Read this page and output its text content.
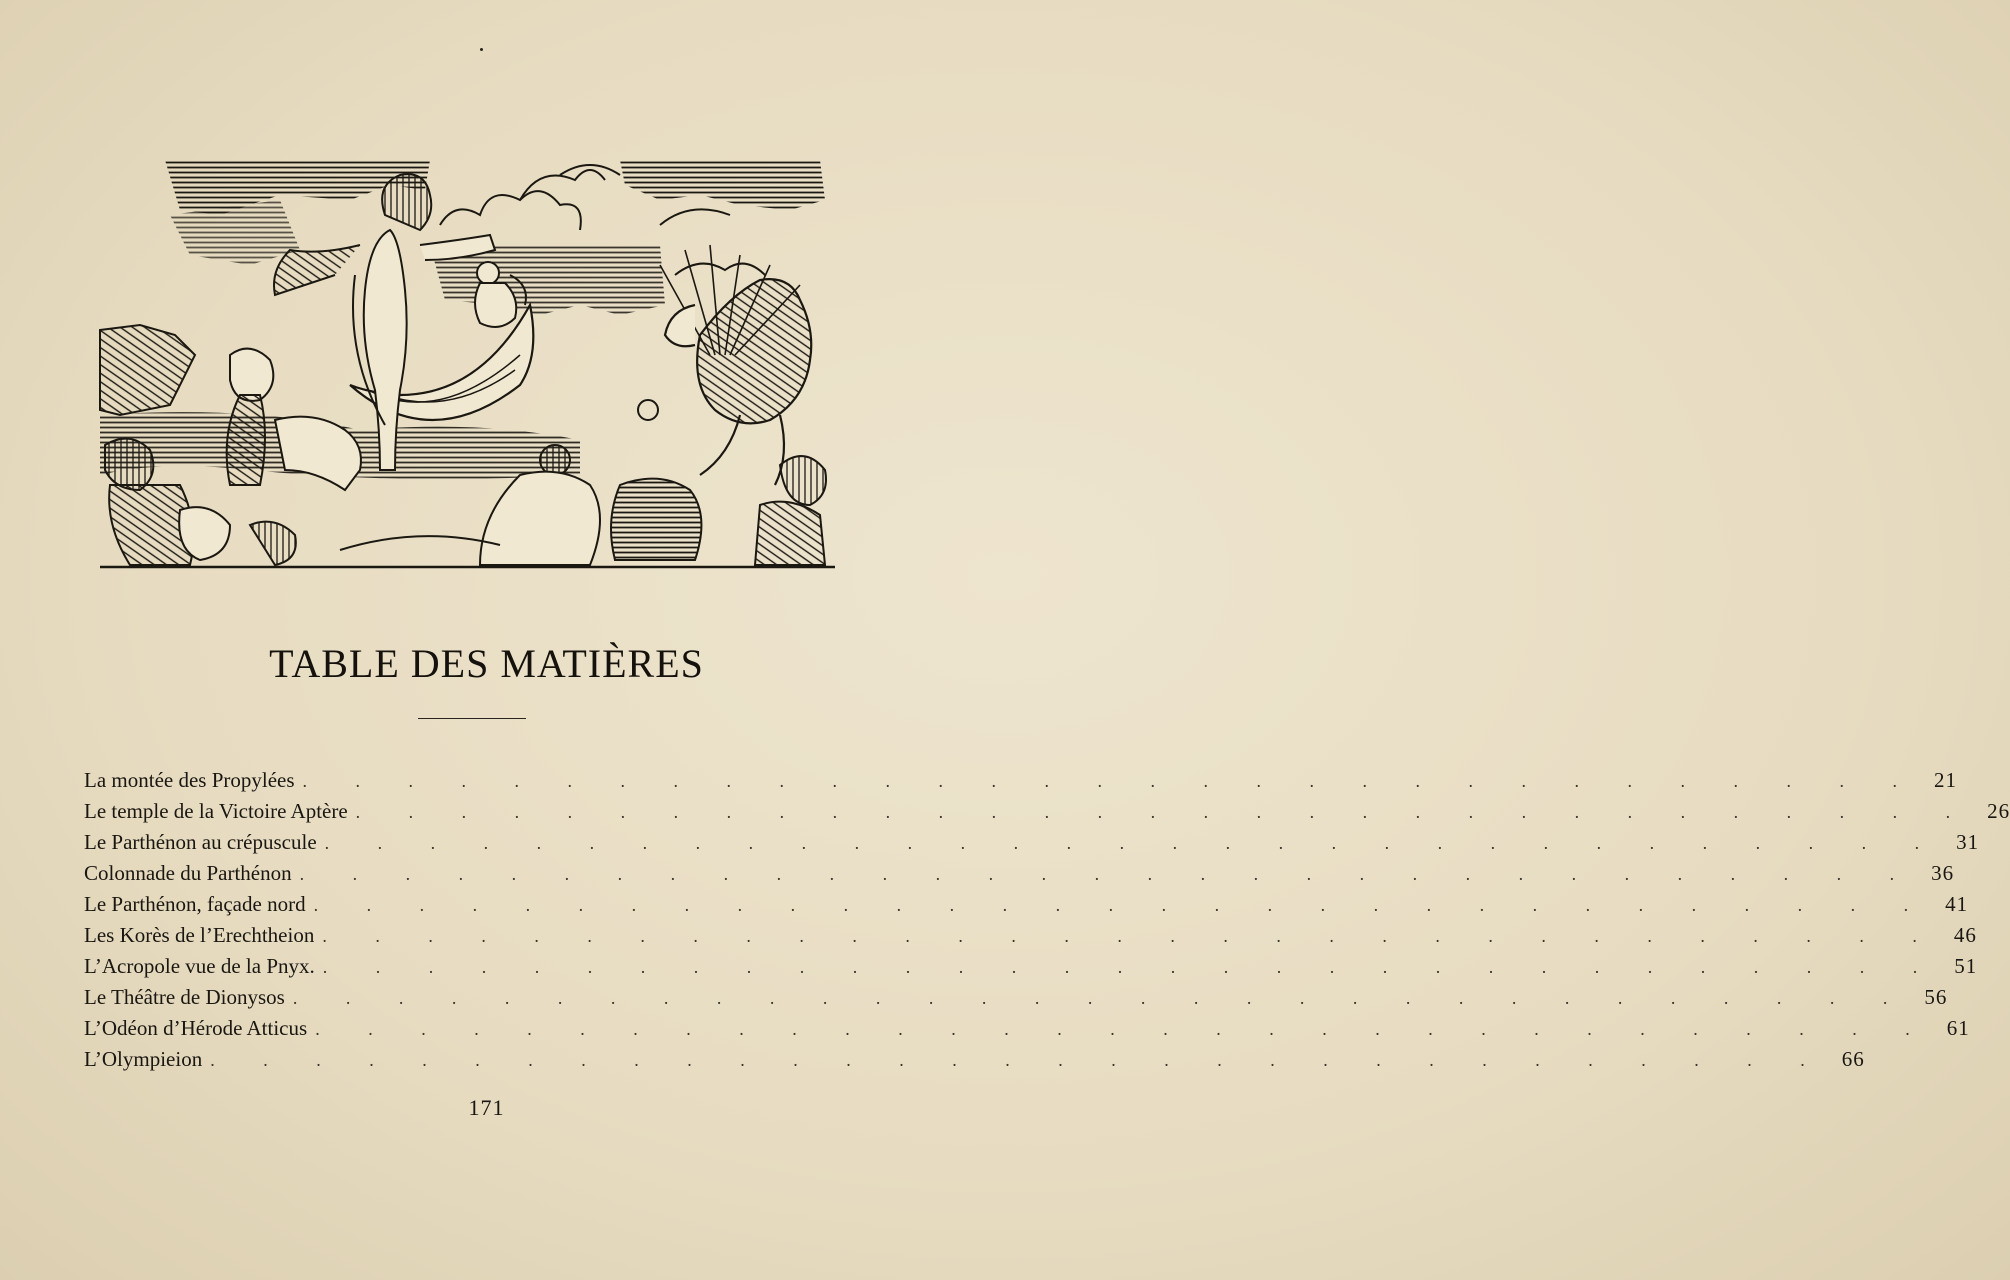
TABLE DES MATIÈRES
La montée des Propylées . . . . . . . . . . . . . . . . . . . . . . . . . . . . . . . 21
Le temple de la Victoire Aptère . . . . . . . . . . . . . . . . . . . . . . . . . . . . . . . 26
Le Parthénon au crépuscule . . . . . . . . . . . . . . . . . . . . . . . . . . . . . . . 31
Colonnade du Parthénon . . . . . . . . . . . . . . . . . . . . . . . . . . . . . . . 36
Le Parthénon, façade nord . . . . . . . . . . . . . . . . . . . . . . . . . . . . . . . 41
Les Korès de l’Erechtheion . . . . . . . . . . . . . . . . . . . . . . . . . . . . . . . 46
L’Acropole vue de la Pnyx. . . . . . . . . . . . . . . . . . . . . . . . . . . . . . . . 51
Le Théâtre de Dionysos . . . . . . . . . . . . . . . . . . . . . . . . . . . . . . . 56
L’Odéon d’Hérode Atticus . . . . . . . . . . . . . . . . . . . . . . . . . . . . . . . 61
L’Olympieion . . . . . . . . . . . . . . . . . . . . . . . . . . . . . . . 66
171
